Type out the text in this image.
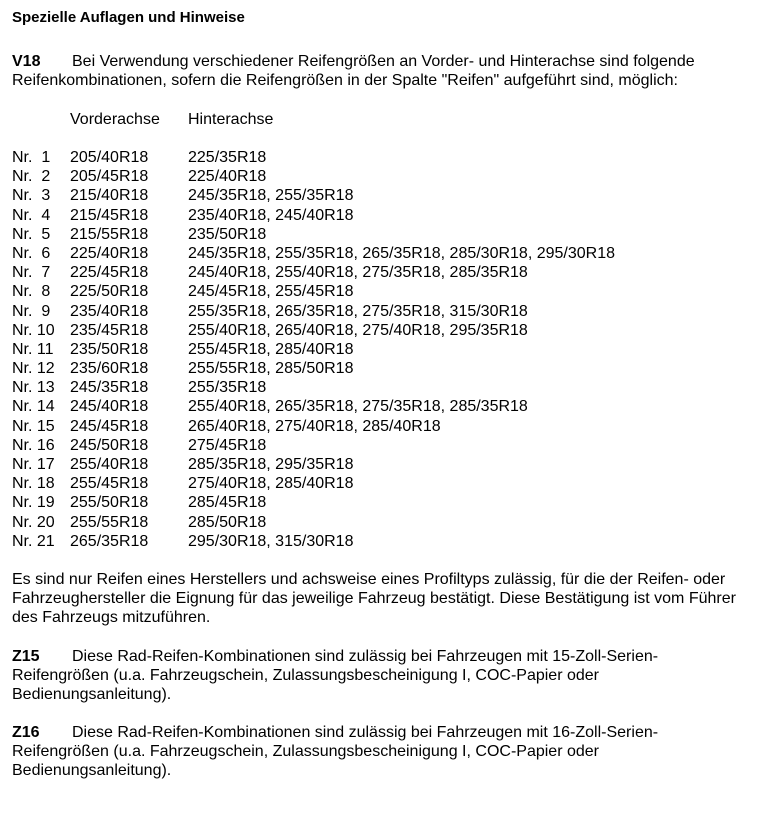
Spezielle Auflagen und Hinweise
V18 Bei Verwendung verschiedener Reifengrößen an Vorder- und Hinterachse sind folgende
Reifenkombinationen, sofern die Reifengrößen in der Spalte "Reifen" aufgeführt sind, möglich:
Vorderachse	Hinterachse
Nr.  1	205/40R18	225/35R18
Nr.  2	205/45R18	225/40R18
Nr.  3	215/40R18	245/35R18, 255/35R18
Nr.  4	215/45R18	235/40R18, 245/40R18
Nr.  5	215/55R18	235/50R18
Nr.  6	225/40R18	245/35R18, 255/35R18, 265/35R18, 285/30R18, 295/30R18
Nr.  7	225/45R18	245/40R18, 255/40R18, 275/35R18, 285/35R18
Nr.  8	225/50R18	245/45R18, 255/45R18
Nr.  9	235/40R18	255/35R18, 265/35R18, 275/35R18, 315/30R18
Nr. 10 235/45R18	255/40R18, 265/40R18, 275/40R18, 295/35R18
Nr. 11	235/50R18	255/45R18, 285/40R18
Nr. 12 235/60R18	255/55R18, 285/50R18
Nr. 13 245/35R18	255/35R18
Nr. 14 245/40R18	255/40R18, 265/35R18, 275/35R18, 285/35R18
Nr. 15 245/45R18	265/40R18, 275/40R18, 285/40R18
Nr. 16 245/50R18	275/45R18
Nr. 17 255/40R18	285/35R18, 295/35R18
Nr. 18 255/45R18	275/40R18, 285/40R18
Nr. 19 255/50R18	285/45R18
Nr. 20 255/55R18	285/50R18
Nr. 21 265/35R18	295/30R18, 315/30R18
Es sind nur Reifen eines Herstellers und achsweise eines Profiltyps zulässig, für die der Reifen- oder
Fahrzeughersteller die Eignung für das jeweilige Fahrzeug bestätigt. Diese Bestätigung ist vom Führer
des Fahrzeugs mitzuführen.
Z15 Diese Rad-Reifen-Kombinationen sind zulässig bei Fahrzeugen mit 15-Zoll-Serien-
Reifengrößen (u.a. Fahrzeugschein, Zulassungsbescheinigung I, COC-Papier oder
Bedienungsanleitung).
Z16 Diese Rad-Reifen-Kombinationen sind zulässig bei Fahrzeugen mit 16-Zoll-Serien-
Reifengrößen (u.a. Fahrzeugschein, Zulassungsbescheinigung I, COC-Papier oder
Bedienungsanleitung).
